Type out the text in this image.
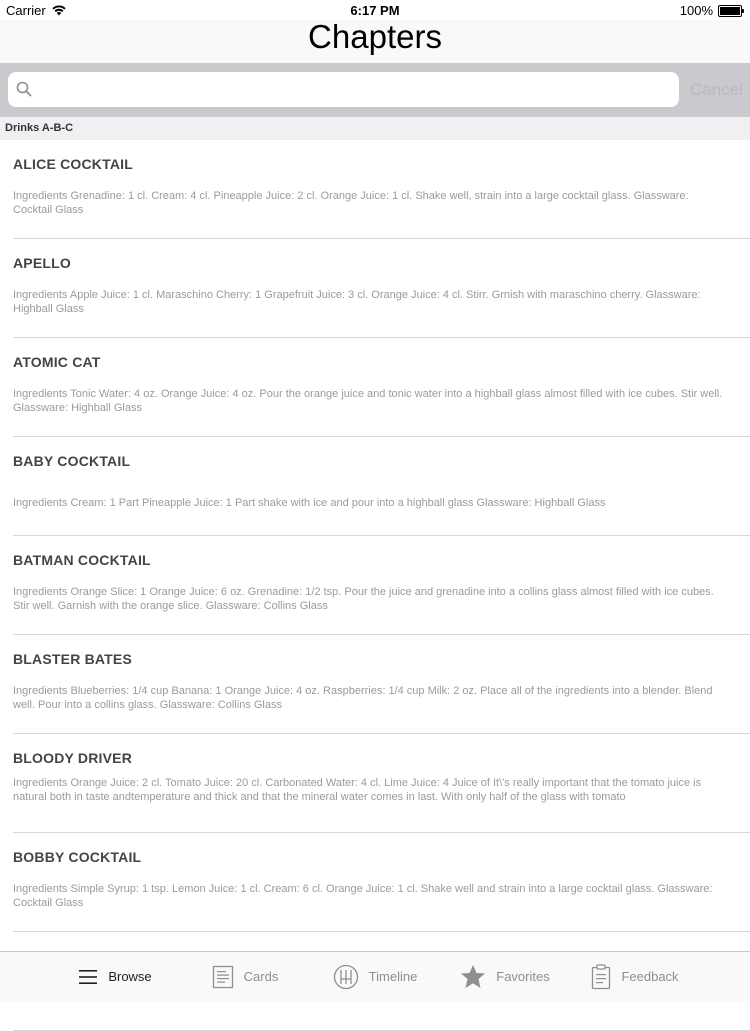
Carrier	6:17 PM	100%
Chapters
Cancel
Drinks A-B-C
ALICE COCKTAIL
Ingredients Grenadine: 1 cl. Cream: 4 cl. Pineapple Juice: 2 cl. Orange Juice: 1 cl. Shake well, strain into a large cocktail glass. Glassware: Cocktail Glass
APELLO
Ingredients Apple Juice: 1 cl. Maraschino Cherry: 1 Grapefruit Juice: 3 cl. Orange Juice: 4 cl. Stirr. Grnish with maraschino cherry. Glassware: Highball Glass
ATOMIC CAT
Ingredients Tonic Water: 4 oz. Orange Juice: 4 oz. Pour the orange juice and tonic water into a highball glass almost filled with ice cubes. Stir well. Glassware: Highball Glass
BABY COCKTAIL
Ingredients Cream: 1 Part Pineapple Juice: 1 Part shake with ice and pour into a highball glass Glassware: Highball Glass
BATMAN COCKTAIL
Ingredients Orange Slice: 1 Orange Juice: 6 oz. Grenadine: 1/2 tsp. Pour the juice and grenadine into a collins glass almost filled with ice cubes. Stir well. Garnish with the orange slice. Glassware: Collins Glass
BLASTER BATES
Ingredients Blueberries: 1/4 cup Banana: 1 Orange Juice: 4 oz. Raspberries: 1/4 cup Milk: 2 oz. Place all of the ingredients into a blender. Blend well. Pour into a collins glass. Glassware: Collins Glass
BLOODY DRIVER
Ingredients Orange Juice: 2 cl. Tomato Juice: 20 cl. Carbonated Water: 4 cl. Lime Juice: 4 Juice of It\'s really important that the tomato juice is natural both in taste andtemperature and thick and that the mineral water comes in last. With only half of the glass with tomato
BOBBY COCKTAIL
Ingredients Simple Syrup: 1 tsp. Lemon Juice: 1 cl. Cream: 6 cl. Orange Juice: 1 cl. Shake well and strain into a large cocktail glass. Glassware: Cocktail Glass
Browse	Cards	Timeline	Favorites	Feedback
